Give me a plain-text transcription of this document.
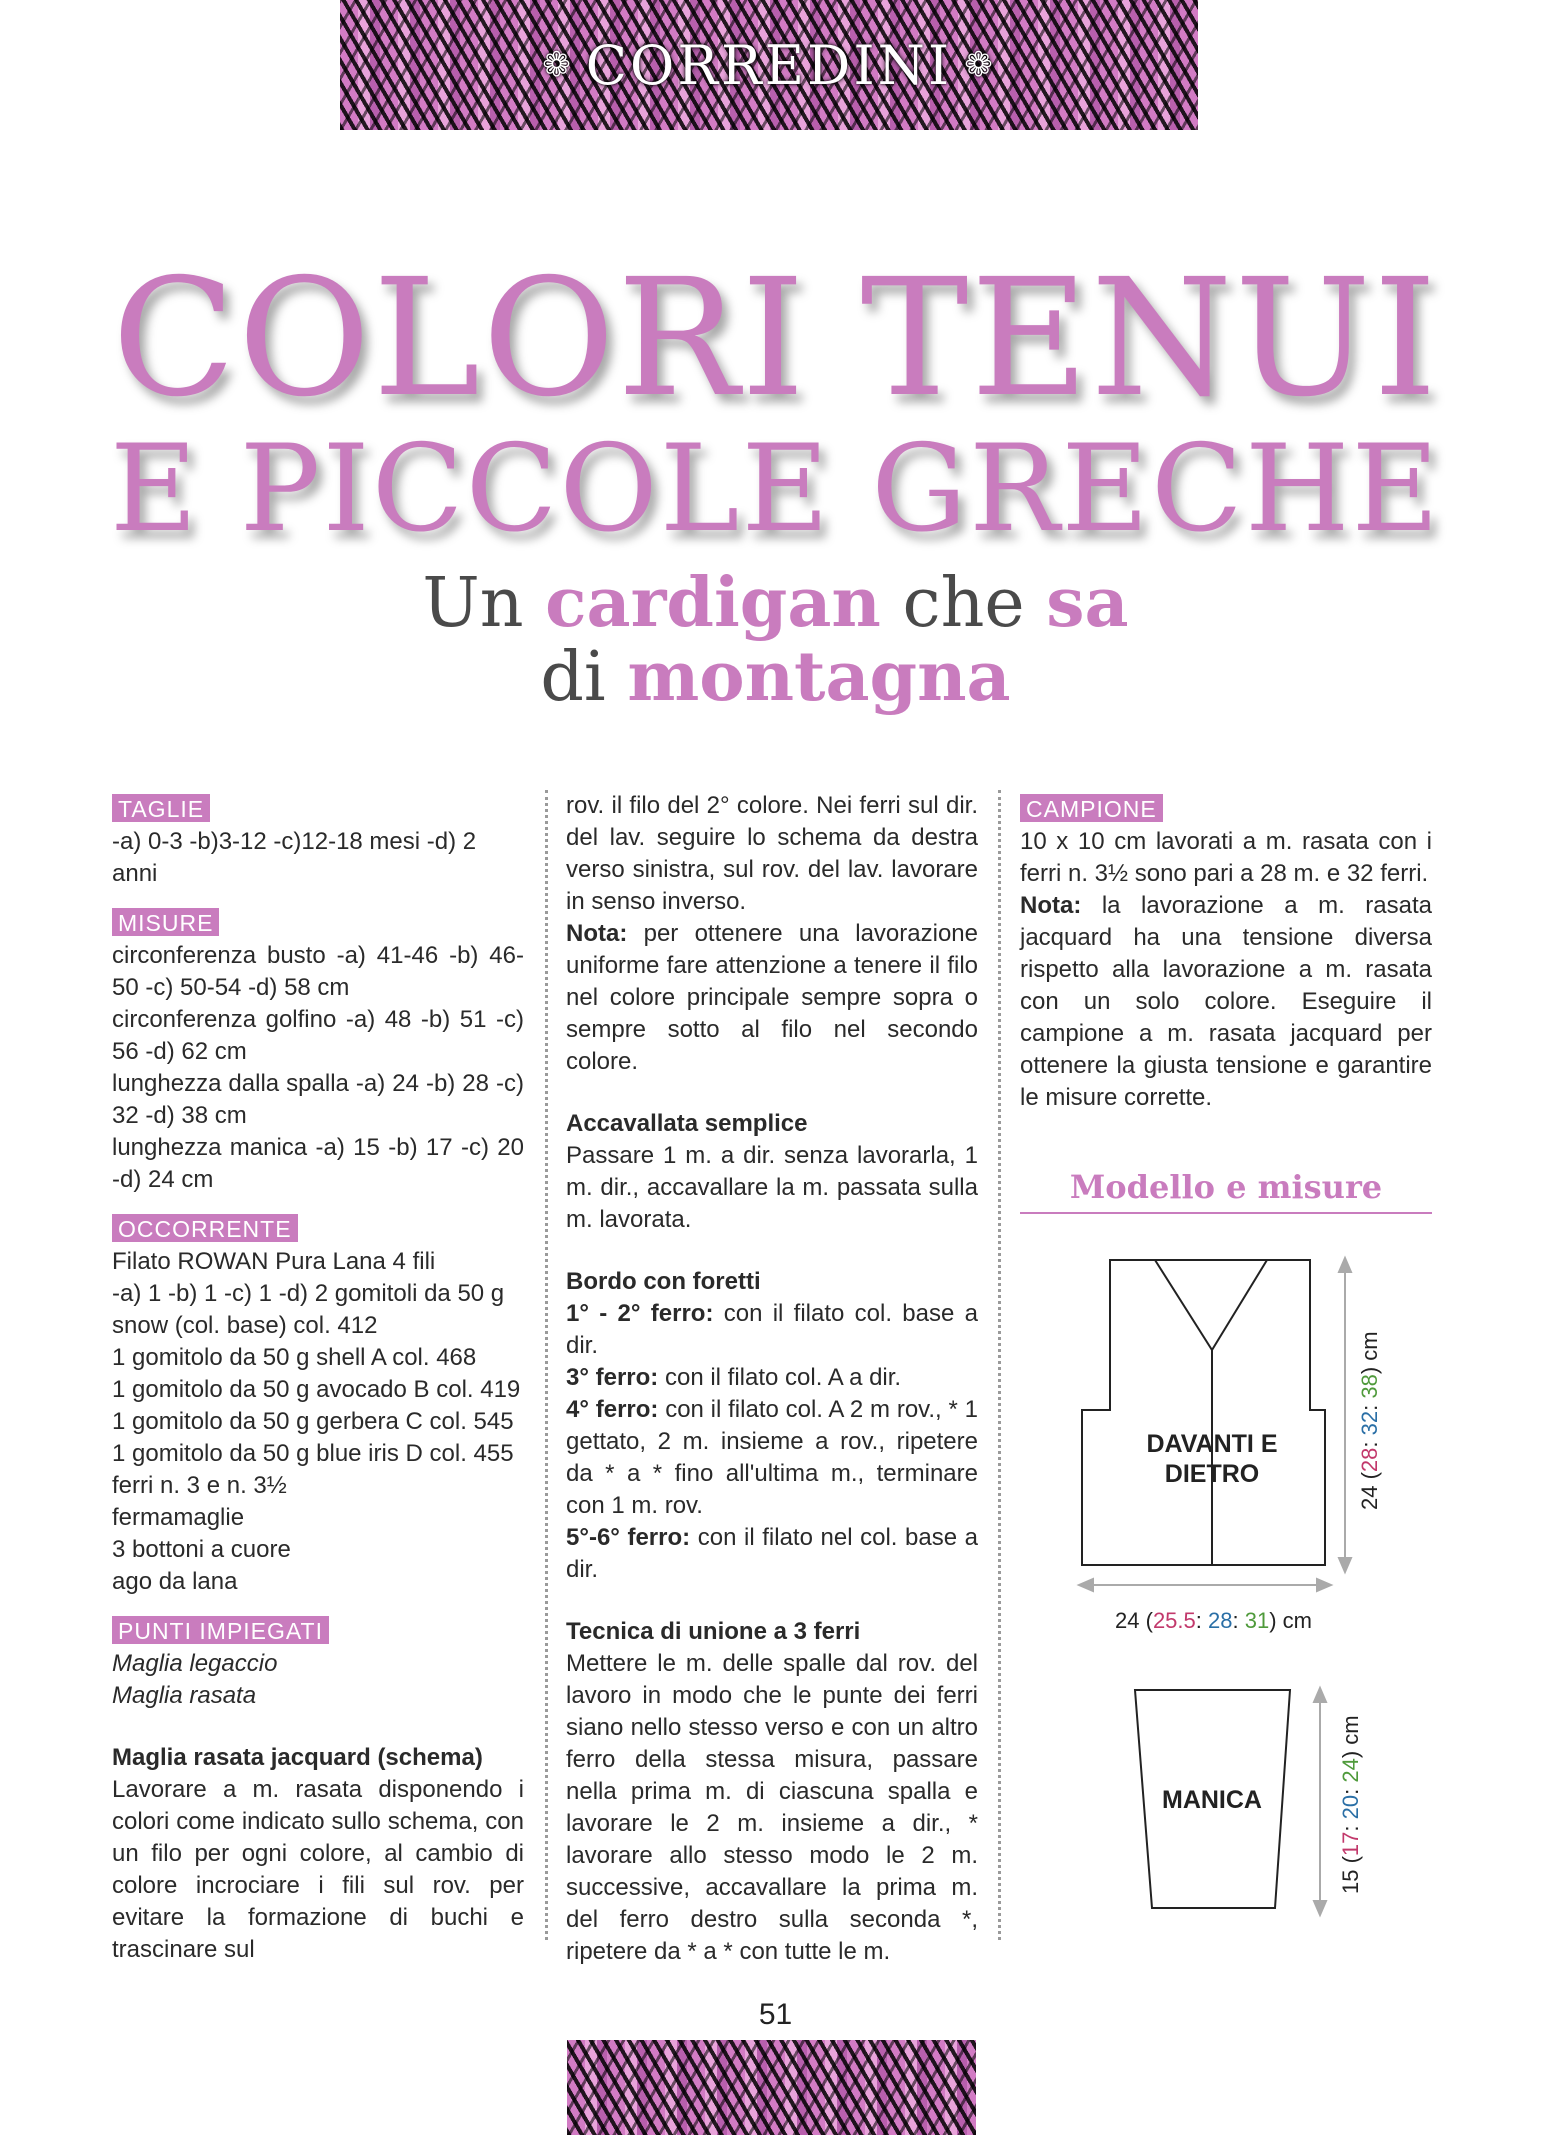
❁ CORREDINI ❁
COLORI TENUI
E PICCOLE GRECHE
Un cardigan che sa
di montagna
TAGLIE

-a) 0-3 -b)3-12 -c)12-18 mesi -d) 2 anni

MISURE

circonferenza busto -a) 41-46 -b) 46-50 -c) 50-54 -d) 58 cm

circonferenza golfino -a) 48 -b) 51 -c) 56 -d) 62 cm

lunghezza dalla spalla -a) 24 -b) 28 -c) 32 -d) 38 cm

lunghezza manica -a) 15 -b) 17 -c) 20 -d) 24 cm

OCCORRENTE

Filato ROWAN Pura Lana 4 fili

-a) 1 -b) 1 -c) 1 -d) 2 gomitoli da 50 g snow (col. base) col. 412

1 gomitolo da 50 g shell A col. 468

1 gomitolo da 50 g avocado B col. 419

1 gomitolo da 50 g gerbera C col. 545

1 gomitolo da 50 g blue iris D col. 455

ferri n. 3 e n. 3½

fermamaglie

3 bottoni a cuore

ago da lana

PUNTI IMPIEGATI

Maglia legaccio

Maglia rasata

Maglia rasata jacquard (schema)

Lavorare a m. rasata disponendo i colori come indicato sullo schema, con un filo per ogni colore, al cambio di colore incrociare i fili sul rov. per evitare la formazione di buchi e trascinare sul

rov. il filo del 2° colore. Nei ferri sul dir. del lav. seguire lo schema da destra verso sinistra, sul rov. del lav. lavorare in senso inverso.

Nota: per ottenere una lavorazione uniforme fare attenzione a tenere il filo nel colore principale sempre sopra o sempre sotto al filo nel secondo colore.

Accavallata semplice

Passare 1 m. a dir. senza lavorarla, 1 m. dir., accavallare la m. passata sulla m. lavorata.

Bordo con foretti

1° - 2° ferro: con il filato col. base a dir.

3° ferro: con il filato col. A a dir.

4° ferro: con il filato col. A 2 m rov., * 1 gettato, 2 m. insieme a rov., ripetere da * a * fino all'ultima m., terminare con 1 m. rov.

5°-6° ferro: con il filato nel col. base a dir.

Tecnica di unione a 3 ferri

Mettere le m. delle spalle dal rov. del lavoro in modo che le punte dei ferri siano nello stesso verso e con un altro ferro della stessa misura, passare nella prima m. di ciascuna spalla e lavorare le 2 m. insieme a dir., * lavorare allo stesso modo le 2 m. successive, accavallare la prima m. del ferro destro sulla seconda *, ripetere da * a * con tutte le m.

CAMPIONE

10 x 10 cm lavorati a m. rasata con i ferri n. 3½ sono pari a 28 m. e 32 ferri.

Nota: la lavorazione a m. rasata jacquard ha una tensione diversa rispetto alla lavorazione a m. rasata con un solo colore. Eseguire il campione a m. rasata jacquard per ottenere la giusta tensione e garantire le misure corrette.

Modello e misure
DAVANTI E
DIETRO
MANICA
24 (25.5: 28: 31) cm
24 (28: 32: 38) cm
15 (17: 20: 24) cm
51
